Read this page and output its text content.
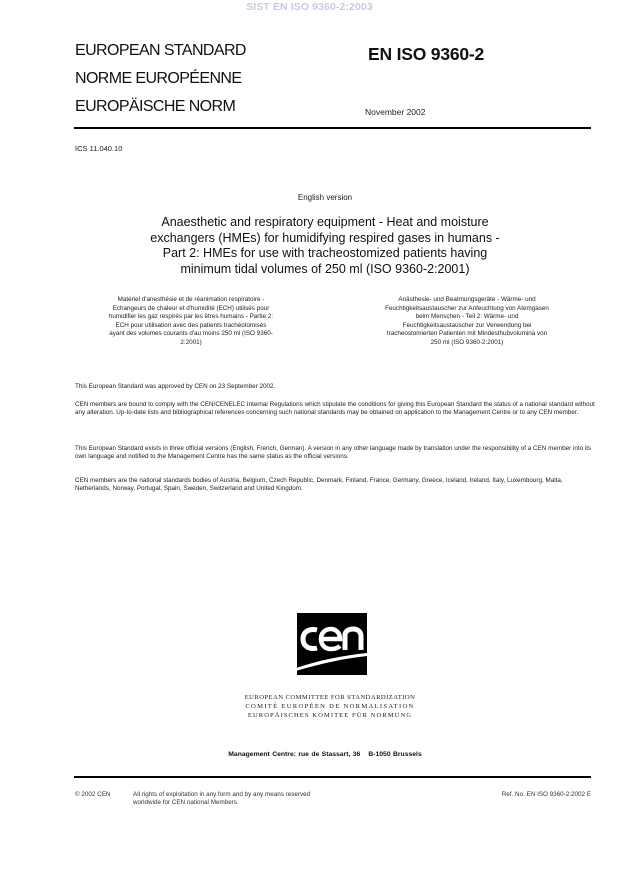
SIST EN ISO 9360-2:2003
EUROPEAN STANDARD
NORME EUROPÉENNE
EUROPÄISCHE NORM
EN ISO 9360-2
November 2002
ICS 11.040.10
English version
Anaesthetic and respiratory equipment - Heat and moisture
exchangers (HMEs) for humidifying respired gases in humans -
Part 2: HMEs for use with tracheostomized patients having
minimum tidal volumes of 250 ml (ISO 9360-2:2001)
Matériel d'anesthésie et de réanimation respiratoire -
Echangeurs de chaleur et d'humidité (ECH) utilisés pour
humidifier les gaz respirés par les êtres humains - Partie 2:
ECH pour utilisation avec des patients trachéotomisés
ayant des volumes courants d'au moins 250 ml (ISO 9360-
2:2001)
Anästhesie- und Beatmungsgeräte - Wärme- und
Feuchtigkeitsaustauscher zur Anfeuchtung von Atemgasen
beim Menschen - Teil 2: Wärme- und
Feuchtigkeitsaustauscher zur Verwendung bei
tracheostomierten Patienten mit Mindesthubvolumina von
250 ml (ISO 9360-2:2001)
This European Standard was approved by CEN on 23 September 2002.
CEN members are bound to comply with the CEN/CENELEC Internal Regulations which stipulate the conditions for giving this European Standard the status of a national standard without any alteration. Up-to-date lists and bibliographical references concerning such national standards may be obtained on application to the Management Centre or to any CEN member.
This European Standard exists in three official versions (English, French, German). A version in any other language made by translation under the responsibility of a CEN member into its own language and notified to the Management Centre has the same status as the official versions.
CEN members are the national standards bodies of Austria, Belgium, Czech Republic, Denmark, Finland, France, Germany, Greece, Iceland, Ireland, Italy, Luxembourg, Malta, Netherlands, Norway, Portugal, Spain, Sweden, Switzerland and United Kingdom.
EUROPEAN COMMITTEE FOR STANDARDIZATION
COMITÉ EUROPÉEN DE NORMALISATION
EUROPÄISCHES KOMITEE FÜR NORMUNG
Management Centre: rue de Stassart, 36 B-1050 Brussels
© 2002 CEN	All rights of exploitation in any form and by any means reserved
worldwide for CEN national Members.
Ref. No. EN ISO 9360-2:2002 E
